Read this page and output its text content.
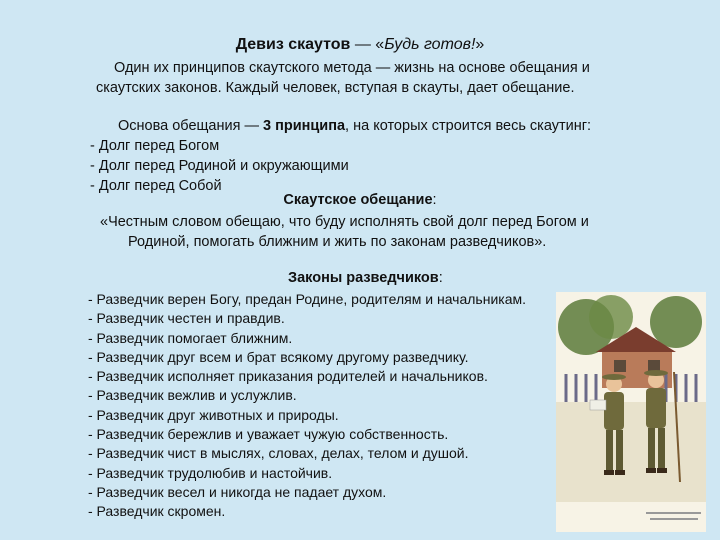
Девиз скаутов — «Будь готов!»
Один их принципов скаутского метода — жизнь на основе обещания и
скаутских законов. Каждый человек, вступая в скауты, дает обещание.
Основа обещания — 3 принципа, на которых строится весь скаутинг:
- Долг перед Богом
- Долг перед Родиной и окружающими
- Долг перед Собой
Скаутское обещание:
«Честным словом обещаю, что буду исполнять свой долг перед Богом и
Родиной, помогать ближним и жить по законам разведчиков».
Законы разведчиков:
- Разведчик верен Богу, предан Родине, родителям и начальникам.
- Разведчик честен и правдив.
- Разведчик помогает ближним.
- Разведчик друг всем и брат всякому другому разведчику.
- Разведчик исполняет приказания родителей и начальников.
- Разведчик вежлив и услужлив.
- Разведчик друг животных и природы.
- Разведчик бережлив и уважает чужую собственность.
- Разведчик чист в мыслях, словах, делах, телом и душой.
- Разведчик трудолюбив и настойчив.
- Разведчик весел и никогда не падает духом.
- Разведчик скромен.
